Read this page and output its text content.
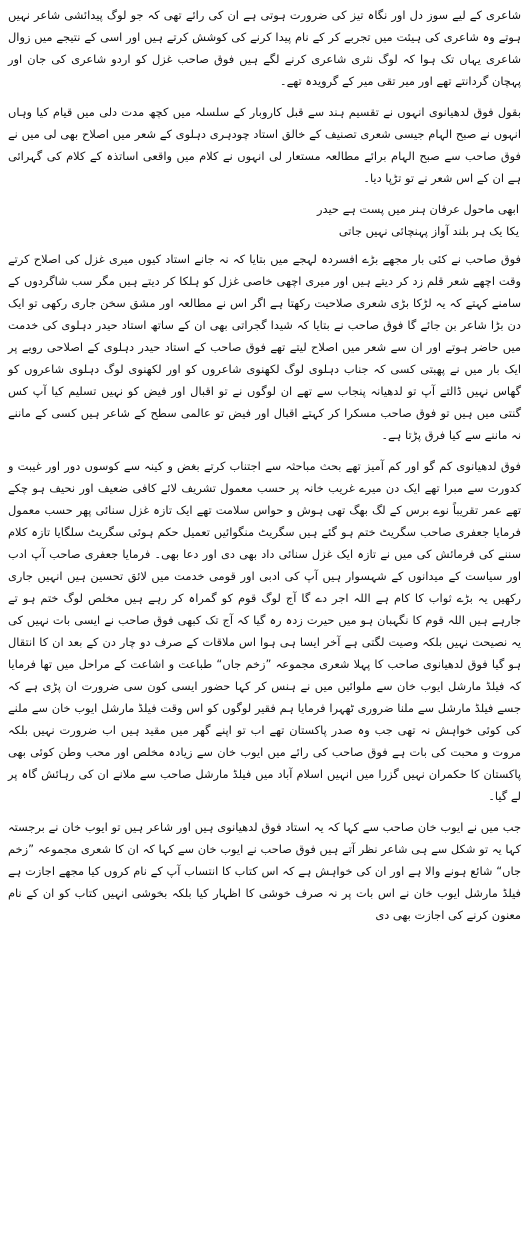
شاعری کے لیے سوز دل اور نگاہ تیز کی ضرورت ہوتی ہے ان کی رائے تھی کہ جو لوگ پیدائشی شاعر نہیں ہوتے وہ شاعری کی ہیئت میں تجربے کر کے نام پیدا کرنے کی کوشش کرتے ہیں اور اسی کے نتیجے میں زوال شاعری یہاں تک ہوا کہ لوگ نثری شاعری کرنے لگے ہیں فوق صاحب غزل کو اردو شاعری کی جان اور پہچان گردانتے تھے اور میر تقی میر کے گرویدہ تھے۔

بقول فوق لدھیانوی انہوں نے تقسیم ہند سے قبل کاروبار کے سلسلہ میں کچھ مدت دلی میں قیام کیا وہاں انہوں نے صبح الہام جیسی شعری تصنیف کے خالق استاد چودہری دہلوی کے شعر میں اصلاح بھی لی میں نے فوق صاحب سے صبح الہام برائے مطالعہ مستعار لی انہوں نے کلام میں واقعی اساتذہ کے کلام کی گہرائی ہے ان کے اس شعر نے تو تڑپا دیا۔

ابھی ماحول عرفان ہنر میں پست ہے حیدر

یکا یک ہر بلند آواز پہنچائی نہیں جاتی

فوق صاحب نے کئی بار مجھے بڑے افسردہ لہجے میں بتایا کہ نہ جانے استاد کیوں میری غزل کی اصلاح کرتے وقت اچھے شعر قلم زد کر دیتے ہیں اور میری اچھی خاصی غزل کو ہلکا کر دیتے ہیں مگر سب شاگردوں کے سامنے کہتے کہ یہ لڑکا بڑی شعری صلاحیت رکھتا ہے اگر اس نے مطالعہ اور مشق سخن جاری رکھی تو ایک دن بڑا شاعر بن جائے گا فوق صاحب نے بتایا کہ شیدا گجراتی بھی ان کے ساتھ استاد حیدر دہلوی کی خدمت میں حاضر ہوتے اور ان سے شعر میں اصلاح لیتے تھے فوق صاحب کے استاد حیدر دہلوی کے اصلاحی رویے پر ایک بار میں نے پھبتی کسی کہ جناب دہلوی لوگ لکھنوی شاعروں کو اور لکھنوی لوگ دہلوی شاعروں کو گھاس نہیں ڈالتے آپ تو لدھیانہ پنجاب سے تھے ان لوگوں نے تو اقبال اور فیض کو نہیں تسلیم کیا آپ کس گنتی میں ہیں تو فوق صاحب مسکرا کر کہتے اقبال اور فیض تو عالمی سطح کے شاعر ہیں کسی کے ماننے نہ ماننے سے کیا فرق پڑتا ہے۔

فوق لدھیانوی کم گو اور کم آمیز تھے بحث مباحثہ سے اجتناب کرتے بغض و کینہ سے کوسوں دور اور غیبت و کدورت سے مبرا تھے ایک دن میرے غریب خانہ پر حسب معمول تشریف لائے کافی ضعیف اور نحیف ہو چکے تھے عمر تقریباً نوے برس کے لگ بھگ تھی ہوش و حواس سلامت تھے ایک تازہ غزل سنائی پھر حسب معمول فرمایا جعفری صاحب سگریٹ ختم ہو گئے ہیں سگریٹ منگوائیں تعمیل حکم ہوئی سگریٹ سلگایا تازہ کلام سننے کی فرمائش کی میں نے تازہ ایک غزل سنائی داد بھی دی اور دعا بھی۔ فرمایا جعفری صاحب آپ ادب اور سیاست کے میدانوں کے شہسوار ہیں آپ کی ادبی اور قومی خدمت میں لائق تحسین ہیں انہیں جاری رکھیں یہ بڑے ثواب کا کام ہے اللہ اجر دے گا آج لوگ قوم کو گمراہ کر رہے ہیں مخلص لوگ ختم ہو تے جارہے ہیں اللہ قوم کا نگہبان ہو میں حیرت زدہ رہ گیا کہ آج تک کبھی فوق صاحب نے ایسی بات نہیں کی یہ نصیحت نہیں بلکہ وصیت لگتی ہے آخر ایسا ہی ہوا اس ملاقات کے صرف دو چار دن کے بعد ان کا انتقال ہو گیا فوق لدھیانوی صاحب کا پہلا شعری مجموعہ ”زخم جاں“ طباعت و اشاعت کے مراحل میں تھا فرمایا کہ فیلڈ مارشل ایوب خان سے ملوائیں میں نے ہنس کر کہا حضور ایسی کون سی ضرورت ان پڑی ہے کہ جسے فیلڈ مارشل سے ملنا ضروری ٹھہرا فرمایا ہم فقیر لوگوں کو اس وقت فیلڈ مارشل ایوب خان سے ملنے کی کوئی خواہش نہ تھی جب وہ صدر پاکستان تھے اب تو اپنے گھر میں مقید ہیں اب ضرورت نہیں بلکہ مروت و محبت کی بات ہے فوق صاحب کی رائے میں ایوب خان سے زیادہ مخلص اور محب وطن کوئی بھی پاکستان کا حکمران نہیں گزرا میں انہیں اسلام آباد میں فیلڈ مارشل صاحب سے ملانے ان کی رہائش گاہ پر لے گیا۔

جب میں نے ایوب خان صاحب سے کہا کہ یہ استاد فوق لدھیانوی ہیں اور شاعر ہیں تو ایوب خان نے برجستہ کہا یہ تو شکل سے ہی شاعر نظر آتے ہیں فوق صاحب نے ایوب خان سے کہا کہ ان کا شعری مجموعہ ”زخم جاں“ شائع ہونے والا ہے اور ان کی خواہش ہے کہ اس کتاب کا انتساب آپ کے نام کروں کیا مجھے اجازت ہے فیلڈ مارشل ایوب خان نے اس بات پر نہ صرف خوشی کا اظہار کیا بلکہ بخوشی انہیں کتاب کو ان کے نام معنون کرنے کی اجازت بھی دی
